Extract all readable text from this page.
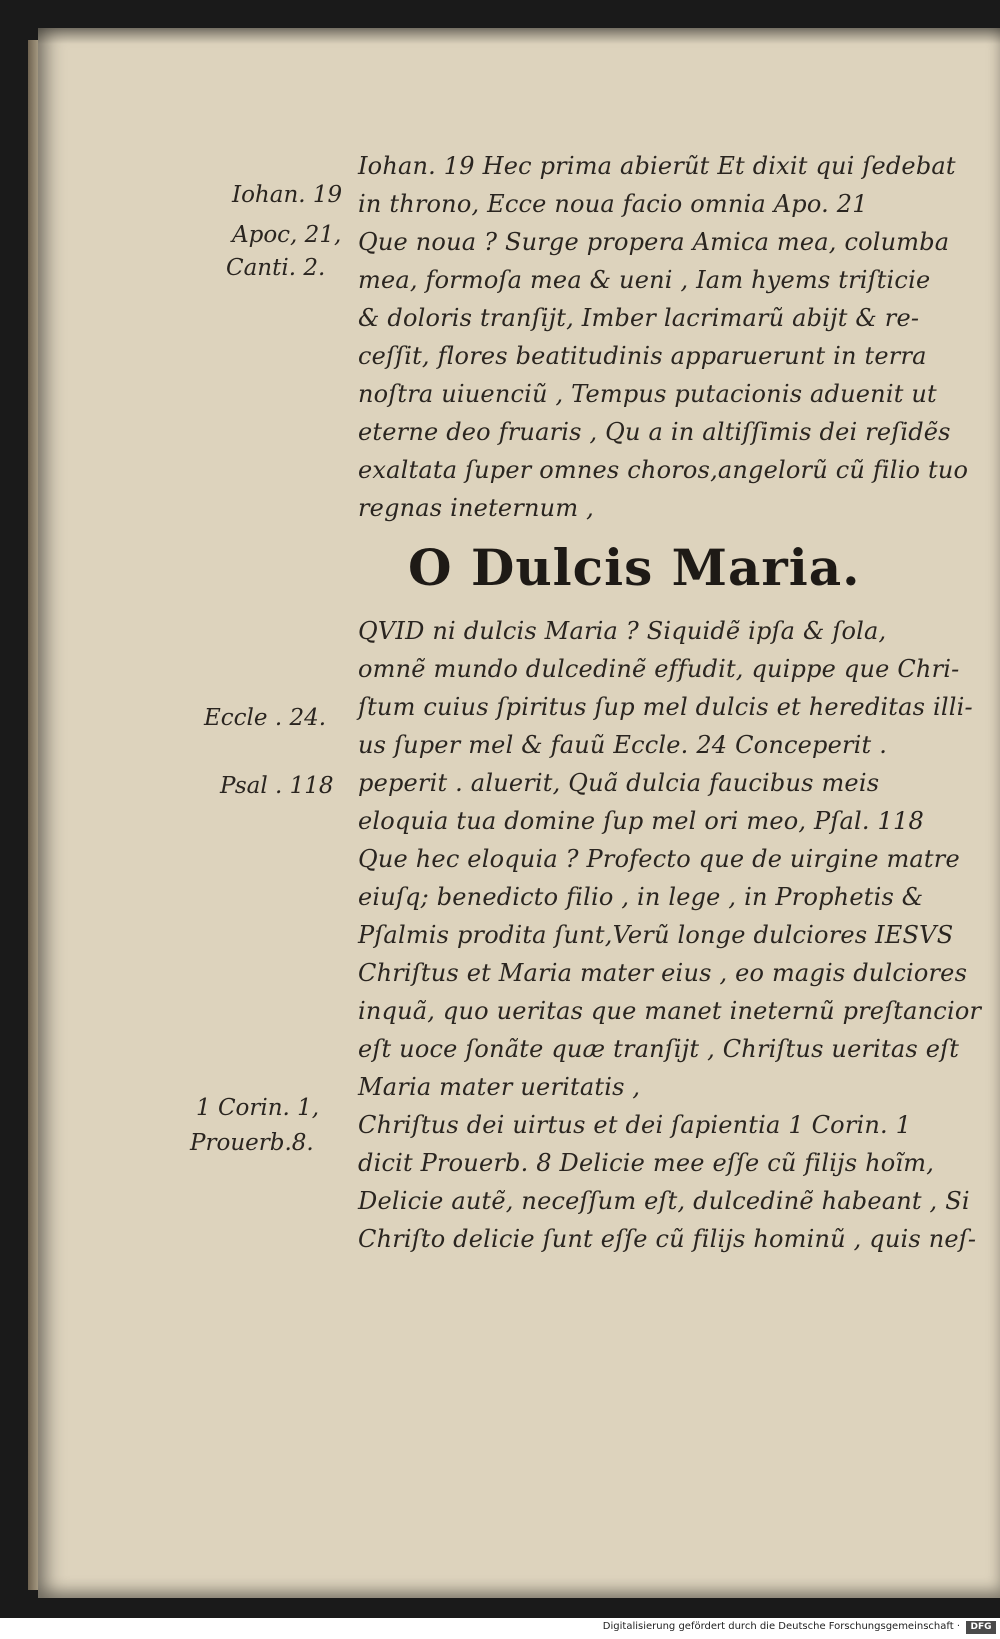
Iohan. 19
Apoc, 21,
Canti. 2.
Eccle . 24.
Psal . 118
1 Corin. 1,
Prouerb.8.
Iohan. 19 Hec prima abierũt Et dixit qui ſedebat
in throno, Ecce noua facio omnia Apo. 21
Que noua ? Surge propera Amica mea, columba
mea, formoſa mea & ueni , Iam hyems triſticie
& doloris tranſijt, Imber lacrimarũ abijt & re-
ceſſit, flores beatitudinis apparuerunt in terra
noſtra uiuenciũ , Tempus putacionis aduenit ut
eterne deo fruaris , Qu a in altiſſimis dei reſidẽs
exaltata ſuper omnes choros,angelorũ cũ filio tuo
regnas ineternum ,
O Dulcis Maria.
QVID ni dulcis Maria ? Siquidẽ ipſa & ſola,
omnẽ mundo dulcedinẽ effudit, quippe que Chri-
ſtum cuius ſpiritus ſup mel dulcis et hereditas illi-
us ſuper mel & fauũ Eccle. 24 Conceperit .
peperit . aluerit, Quã dulcia faucibus meis
eloquia tua domine ſup mel ori meo, Pſal. 118
Que hec eloquia ? Profecto que de uirgine matre
eiuſq; benedicto filio , in lege , in Prophetis &
Pſalmis prodita ſunt,Verũ longe dulciores IESVS
Chriſtus et Maria mater eius , eo magis dulciores
inquã, quo ueritas que manet ineternũ preſtancior
eſt uoce ſonãte quæ tranſijt , Chriſtus ueritas eſt
Maria mater ueritatis ,
Chriſtus dei uirtus et dei ſapientia 1 Corin. 1
dicit Prouerb. 8 Delicie mee eſſe cũ filijs hoĩm,
Delicie autẽ, neceſſum eſt, dulcedinẽ habeant , Si
Chriſto delicie ſunt eſſe cũ filijs hominũ , quis neſ-
Digitalisierung gefördert durch die Deutsche Forschungsgemeinschaft ·	DFG
